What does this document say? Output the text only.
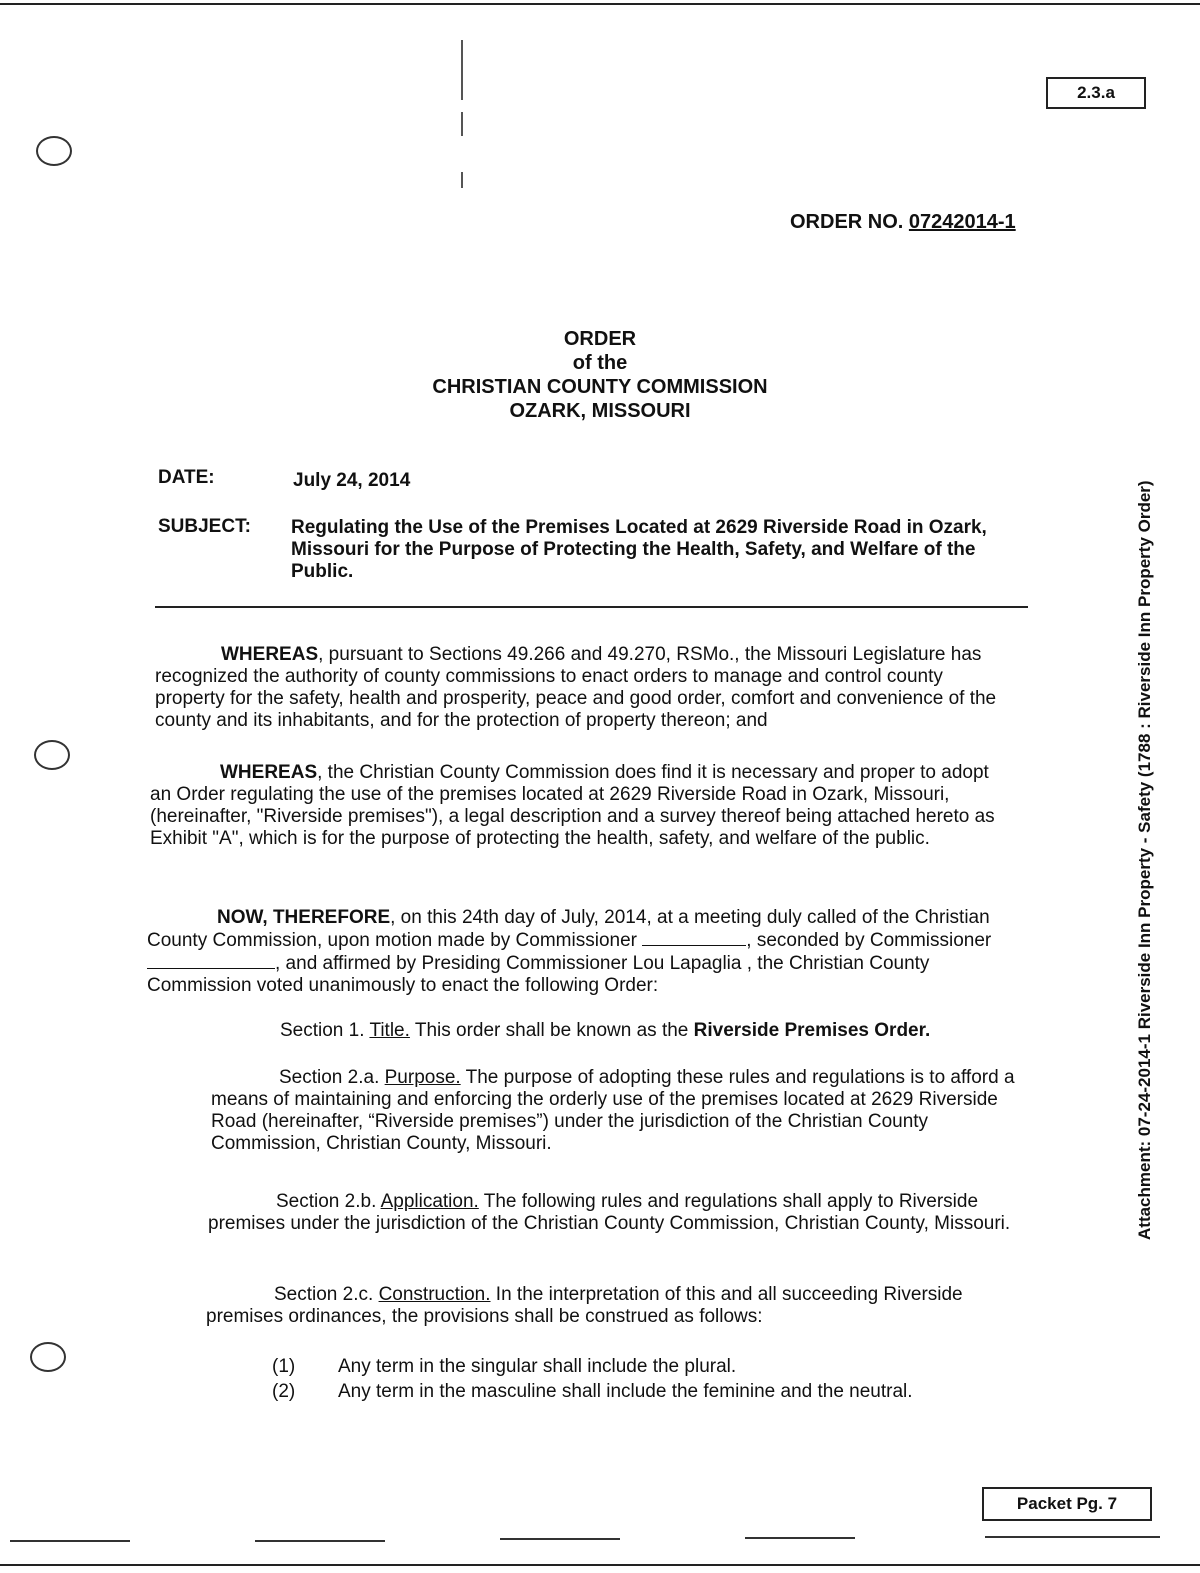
2.3.a
ORDER NO. 07242014-1
ORDER
of the
CHRISTIAN COUNTY COMMISSION
OZARK, MISSOURI
DATE:	July 24, 2014
SUBJECT: Regulating the Use of the Premises Located at 2629 Riverside Road in Ozark, Missouri for the Purpose of Protecting the Health, Safety, and Welfare of the Public.
WHEREAS, pursuant to Sections 49.266 and 49.270, RSMo., the Missouri Legislature has recognized the authority of county commissions to enact orders to manage and control county property for the safety, health and prosperity, peace and good order, comfort and convenience of the county and its inhabitants, and for the protection of property thereon; and
WHEREAS, the Christian County Commission does find it is necessary and proper to adopt an Order regulating the use of the premises located at 2629 Riverside Road in Ozark, Missouri, (hereinafter, "Riverside premises"), a legal description and a survey thereof being attached hereto as Exhibit "A", which is for the purpose of protecting the health, safety, and welfare of the public.
NOW, THEREFORE, on this 24th day of July, 2014, at a meeting duly called of the Christian County Commission, upon motion made by Commissioner	, seconded by Commissioner , and affirmed by Presiding Commissioner Lou Lapaglia , the Christian County Commission voted unanimously to enact the following Order:
Section 1. Title. This order shall be known as the Riverside Premises Order.
Section 2.a. Purpose. The purpose of adopting these rules and regulations is to afford a means of maintaining and enforcing the orderly use of the premises located at 2629 Riverside Road (hereinafter, “Riverside premises”) under the jurisdiction of the Christian County Commission, Christian County, Missouri.
Section 2.b. Application. The following rules and regulations shall apply to Riverside premises under the jurisdiction of the Christian County Commission, Christian County, Missouri.
Section 2.c. Construction. In the interpretation of this and all succeeding Riverside premises ordinances, the provisions shall be construed as follows:
(1) Any term in the singular shall include the plural.
(2) Any term in the masculine shall include the feminine and the neutral.
Attachment: 07-24-2014-1 Riverside Inn Property - Safety (1788 : Riverside Inn Property Order)
Packet Pg. 7
